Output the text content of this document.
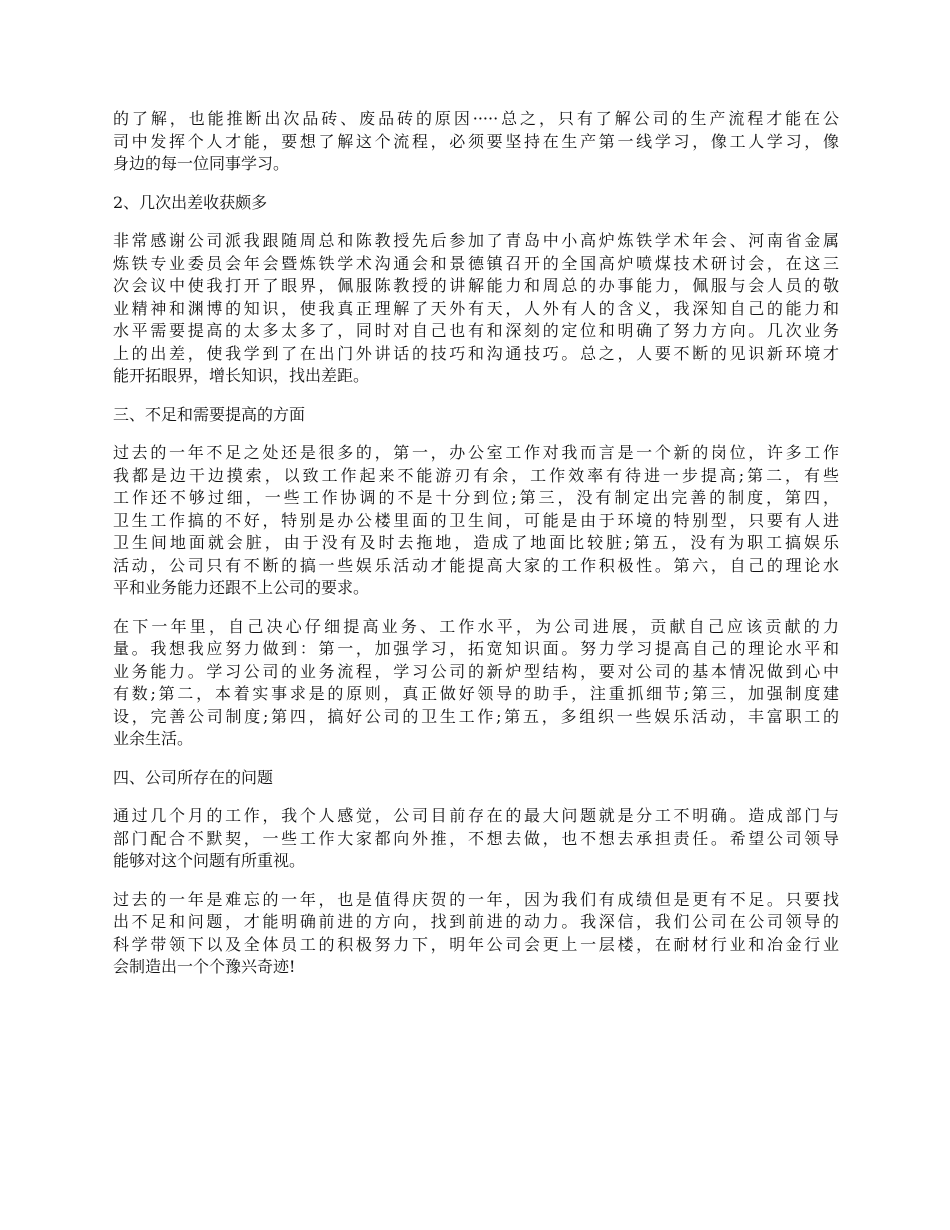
的了解，也能推断出次品砖、废品砖的原因·····总之，只有了解公司的生产流程才能在公
司中发挥个人才能，要想了解这个流程，必须要坚持在生产第一线学习，像工人学习，像
身边的每一位同事学习。
2、几次出差收获颇多
非常感谢公司派我跟随周总和陈教授先后参加了青岛中小高炉炼铁学术年会、河南省金属
炼铁专业委员会年会暨炼铁学术沟通会和景德镇召开的全国高炉喷煤技术研讨会，在这三
次会议中使我打开了眼界，佩服陈教授的讲解能力和周总的办事能力，佩服与会人员的敬
业精神和渊博的知识，使我真正理解了天外有天，人外有人的含义，我深知自己的能力和
水平需要提高的太多太多了，同时对自己也有和深刻的定位和明确了努力方向。几次业务
上的出差，使我学到了在出门外讲话的技巧和沟通技巧。总之，人要不断的见识新环境才
能开拓眼界，增长知识，找出差距。
三、不足和需要提高的方面
过去的一年不足之处还是很多的，第一，办公室工作对我而言是一个新的岗位，许多工作
我都是边干边摸索，以致工作起来不能游刃有余，工作效率有待进一步提高;第二，有些
工作还不够过细，一些工作协调的不是十分到位;第三，没有制定出完善的制度，第四，
卫生工作搞的不好，特别是办公楼里面的卫生间，可能是由于环境的特别型，只要有人进
卫生间地面就会脏，由于没有及时去拖地，造成了地面比较脏;第五，没有为职工搞娱乐
活动，公司只有不断的搞一些娱乐活动才能提高大家的工作积极性。第六，自己的理论水
平和业务能力还跟不上公司的要求。
在下一年里，自己决心仔细提高业务、工作水平，为公司进展，贡献自己应该贡献的力
量。我想我应努力做到：第一，加强学习，拓宽知识面。努力学习提高自己的理论水平和
业务能力。学习公司的业务流程，学习公司的新炉型结构，要对公司的基本情况做到心中
有数;第二，本着实事求是的原则，真正做好领导的助手，注重抓细节;第三，加强制度建
设，完善公司制度;第四，搞好公司的卫生工作;第五，多组织一些娱乐活动，丰富职工的
业余生活。
四、公司所存在的问题
通过几个月的工作，我个人感觉，公司目前存在的最大问题就是分工不明确。造成部门与
部门配合不默契，一些工作大家都向外推，不想去做，也不想去承担责任。希望公司领导
能够对这个问题有所重视。
过去的一年是难忘的一年，也是值得庆贺的一年，因为我们有成绩但是更有不足。只要找
出不足和问题，才能明确前进的方向，找到前进的动力。我深信，我们公司在公司领导的
科学带领下以及全体员工的积极努力下，明年公司会更上一层楼，在耐材行业和冶金行业
会制造出一个个豫兴奇迹!
